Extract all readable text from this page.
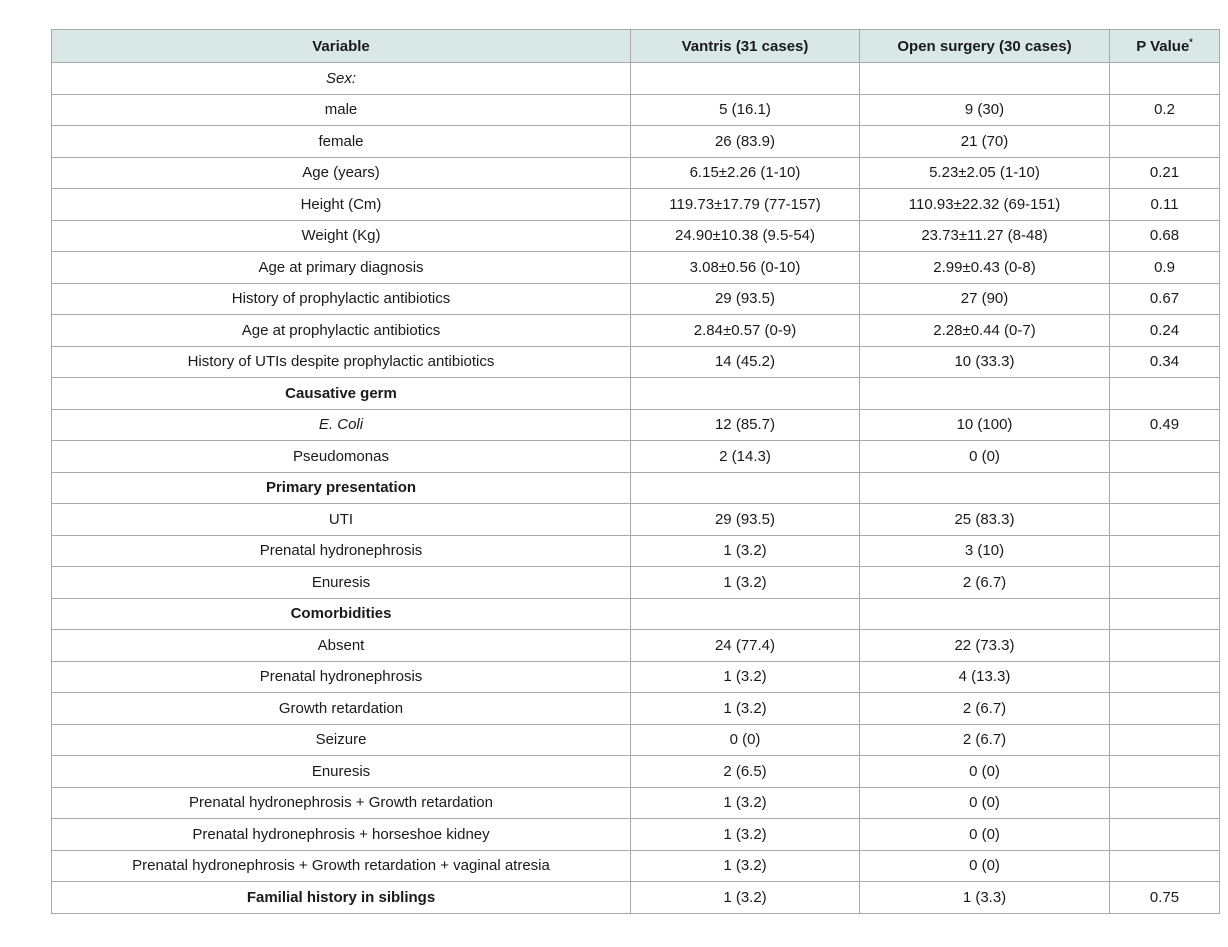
Variable	Vantris (31 cases)	Open surgery (30 cases)	P Value*
Sex:			
male	5 (16.1)	9 (30)	0.2
female	26 (83.9)	21 (70)	
Age (years)	6.15±2.26 (1-10)	5.23±2.05 (1-10)	0.21
Height (Cm)	119.73±17.79 (77-157)	110.93±22.32 (69-151)	0.11
Weight (Kg)	24.90±10.38 (9.5-54)	23.73±11.27 (8-48)	0.68
Age at primary diagnosis	3.08±0.56 (0-10)	2.99±0.43 (0-8)	0.9
History of prophylactic antibiotics	29 (93.5)	27 (90)	0.67
Age at prophylactic antibiotics	2.84±0.57 (0-9)	2.28±0.44 (0-7)	0.24
History of UTIs despite prophylactic antibiotics	14 (45.2)	10 (33.3)	0.34
Causative germ			
E. Coli	12 (85.7)	10 (100)	0.49
Pseudomonas	2 (14.3)	0 (0)	
Primary presentation			
UTI	29 (93.5)	25 (83.3)	
Prenatal hydronephrosis	1 (3.2)	3 (10)	
Enuresis	1 (3.2)	2 (6.7)	
Comorbidities			
Absent	24 (77.4)	22 (73.3)	
Prenatal hydronephrosis	1 (3.2)	4 (13.3)	
Growth retardation	1 (3.2)	2 (6.7)	
Seizure	0 (0)	2 (6.7)	
Enuresis	2 (6.5)	0 (0)	
Prenatal hydronephrosis + Growth retardation	1 (3.2)	0 (0)	
Prenatal hydronephrosis + horseshoe kidney	1 (3.2)	0 (0)	
Prenatal hydronephrosis + Growth retardation + vaginal atresia	1 (3.2)	0 (0)	
Familial history in siblings	1 (3.2)	1 (3.3)	0.75
